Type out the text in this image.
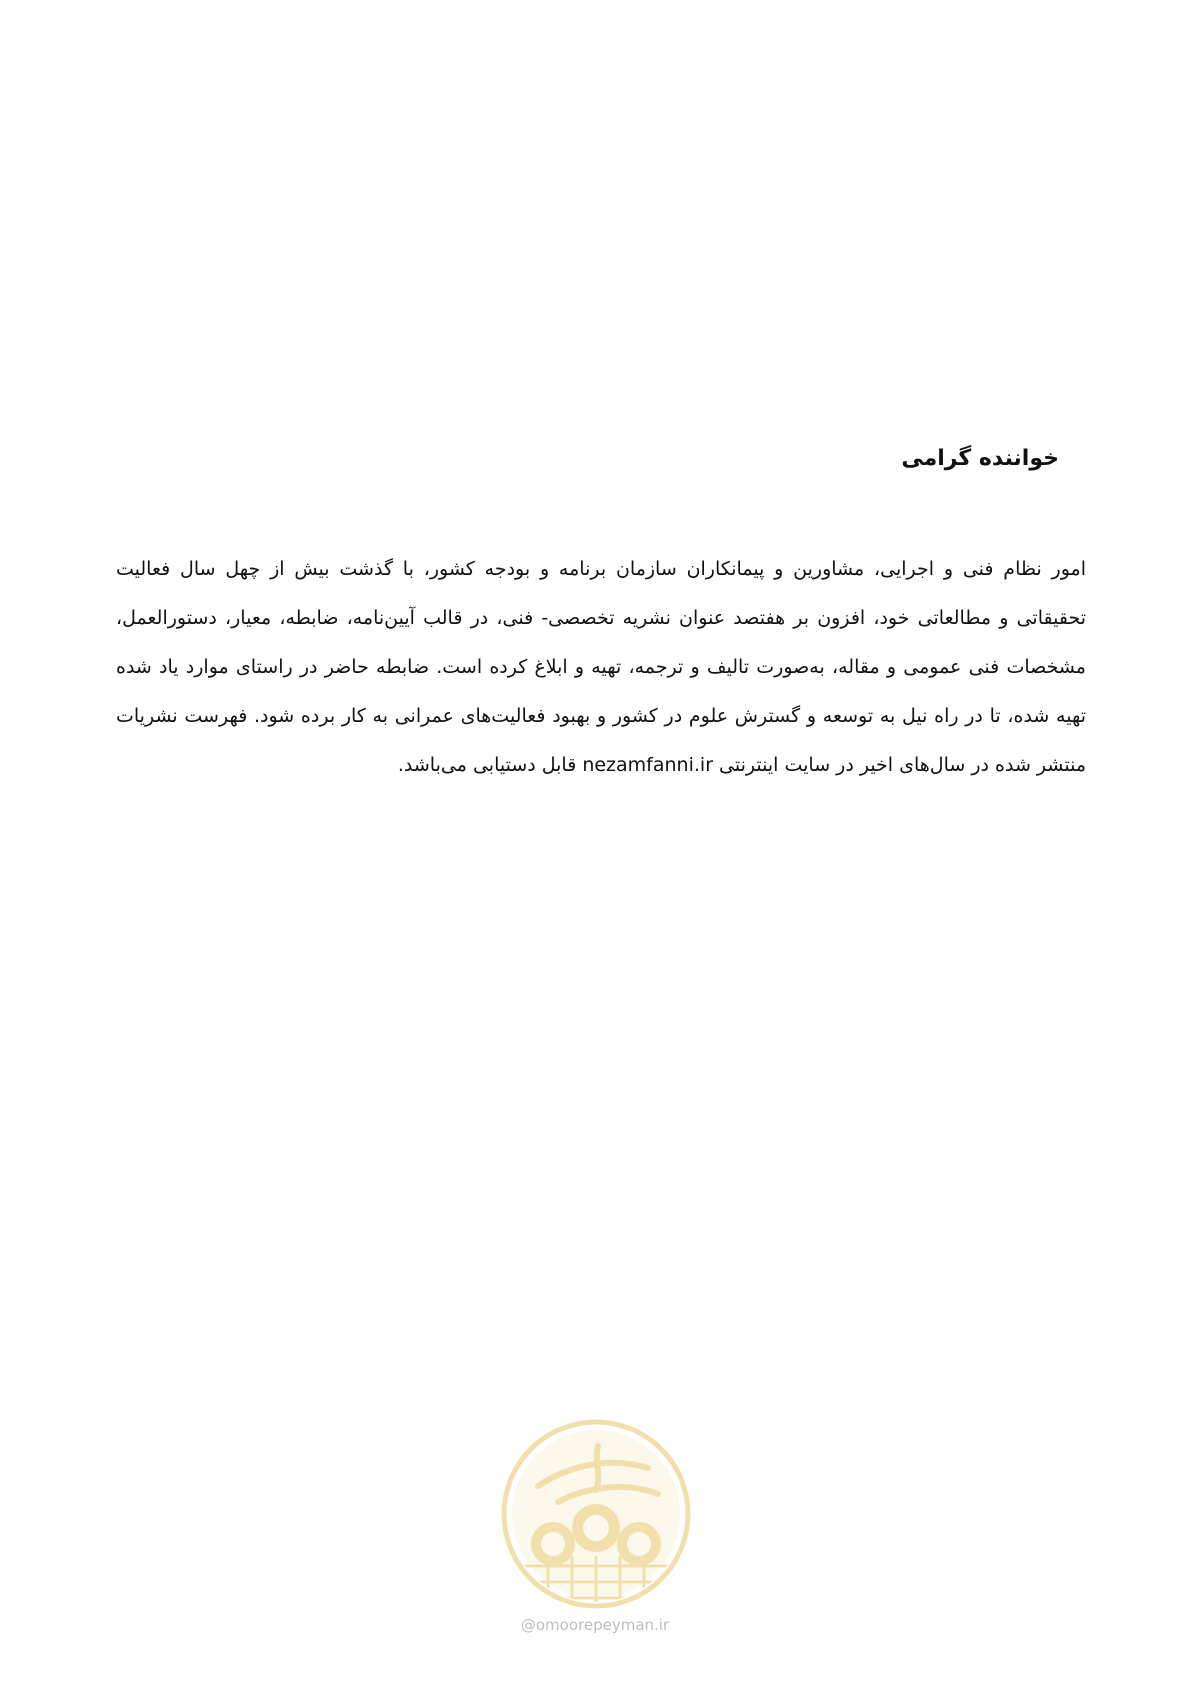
خواننده گرامی

امور نظام فنی و اجرایی، مشاورین و پیمانکاران سازمان برنامه و بودجه کشور، با گذشت بیش از چهل سال فعالیت تحقیقاتی و مطالعاتی خود، افزون بر هفتصد عنوان نشریه تخصصی- فنی، در قالب آیین‌نامه، ضابطه، معیار، دستورالعمل، مشخصات فنی عمومی و مقاله، به‌صورت تالیف و ترجمه، تهیه و ابلاغ کرده است. ضابطه حاضر در راستای موارد یاد شده تهیه شده، تا در راه نیل به توسعه و گسترش علوم در کشور و بهبود فعالیت‌های عمرانی به کار برده شود. فهرست نشریات منتشر شده در سال‌های اخیر در سایت اینترنتی nezamfanni.ir قابل دستیابی می‌باشد.

@omoorepeyman.ir
